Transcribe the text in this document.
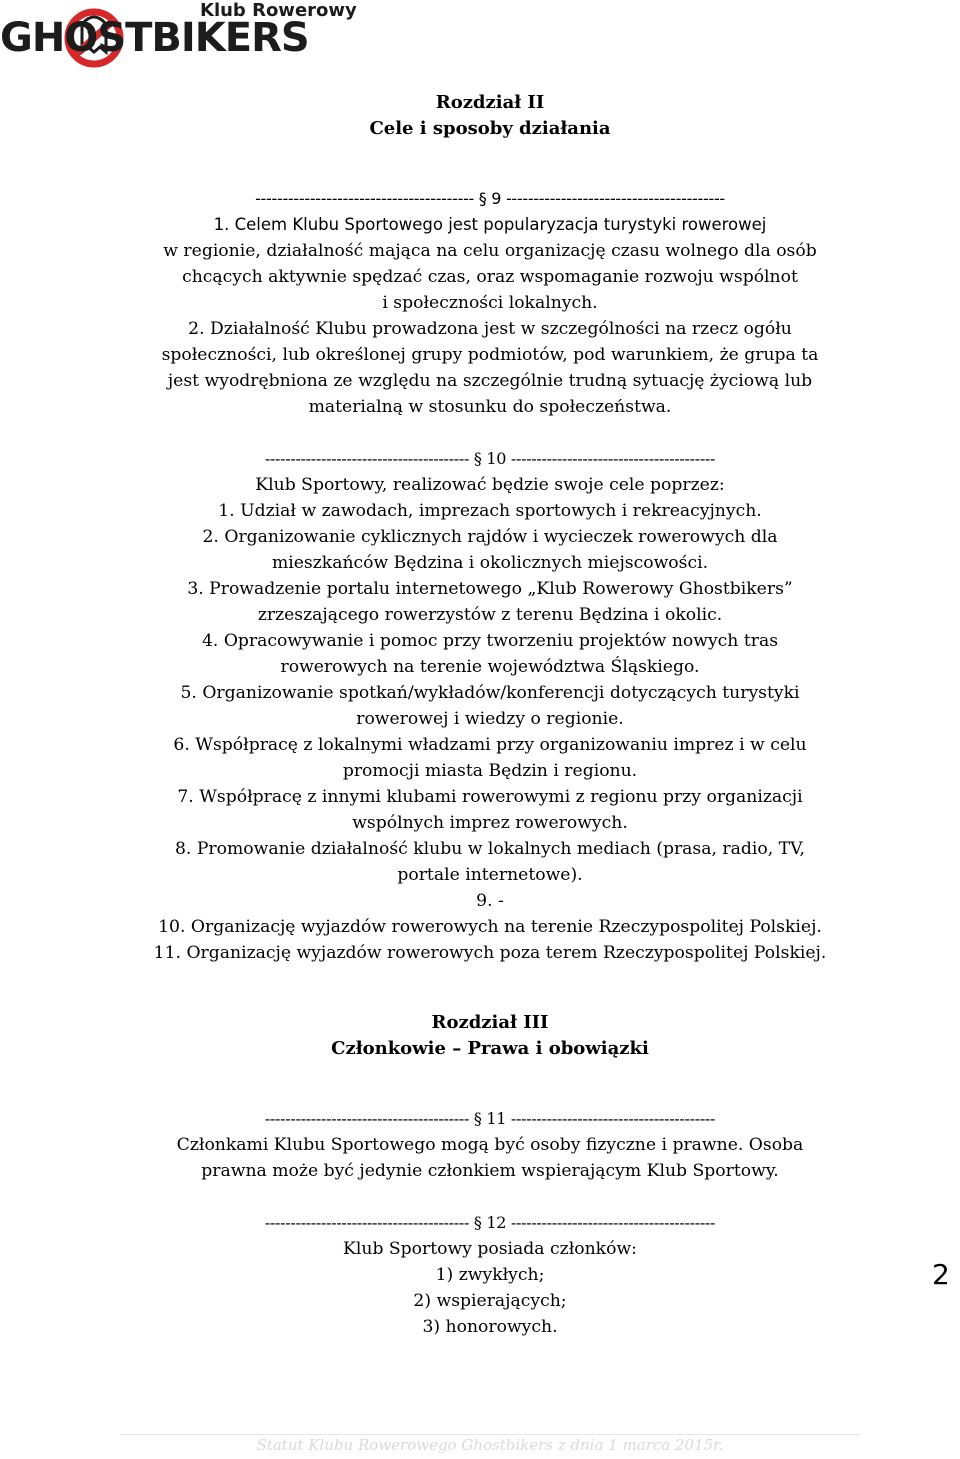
Klub Rowerowy
GHOSTBIKERS

Rozdział II

Cele i sposoby działania

---------------------------------------- § 9 ----------------------------------------

1. Celem Klubu Sportowego jest popularyzacja turystyki rowerowej

w regionie, działalność mająca na celu organizację czasu wolnego dla osób

chcących aktywnie spędzać czas, oraz wspomaganie rozwoju wspólnot

i społeczności lokalnych.

2. Działalność Klubu prowadzona jest w szczególności na rzecz ogółu

społeczności, lub określonej grupy podmiotów, pod warunkiem, że grupa ta

jest wyodrębniona ze względu na szczególnie trudną sytuację życiową lub

materialną w stosunku do społeczeństwa.

---------------------------------------- § 10 ----------------------------------------

Klub Sportowy, realizować będzie swoje cele poprzez:

1. Udział w zawodach, imprezach sportowych i rekreacyjnych.

2. Organizowanie cyklicznych rajdów i wycieczek rowerowych dla

mieszkańców Będzina i okolicznych miejscowości.

3. Prowadzenie portalu internetowego „Klub Rowerowy Ghostbikers”

zrzeszającego rowerzystów z terenu Będzina i okolic.

4. Opracowywanie i pomoc przy tworzeniu projektów nowych tras

rowerowych na terenie województwa Śląskiego.

5. Organizowanie spotkań/wykładów/konferencji dotyczących turystyki

rowerowej i wiedzy o regionie.

6. Współpracę z lokalnymi władzami przy organizowaniu imprez i w celu

promocji miasta Będzin i regionu.

7. Współpracę z innymi klubami rowerowymi z regionu przy organizacji

wspólnych imprez rowerowych.

8. Promowanie działalność klubu w lokalnych mediach (prasa, radio, TV,

portale internetowe).

9. -

10. Organizację wyjazdów rowerowych na terenie Rzeczypospolitej Polskiej.

11. Organizację wyjazdów rowerowych poza terem Rzeczypospolitej Polskiej.

Rozdział III

Członkowie – Prawa i obowiązki

---------------------------------------- § 11 ----------------------------------------

Członkami Klubu Sportowego mogą być osoby fizyczne i prawne. Osoba

prawna może być jedynie członkiem wspierającym Klub Sportowy.

---------------------------------------- § 12 ----------------------------------------

Klub Sportowy posiada członków:

1) zwykłych;

2) wspierających;

3) honorowych.

2
Statut Klubu Rowerowego Ghostbikers z dnia 1 marca 2015r.
